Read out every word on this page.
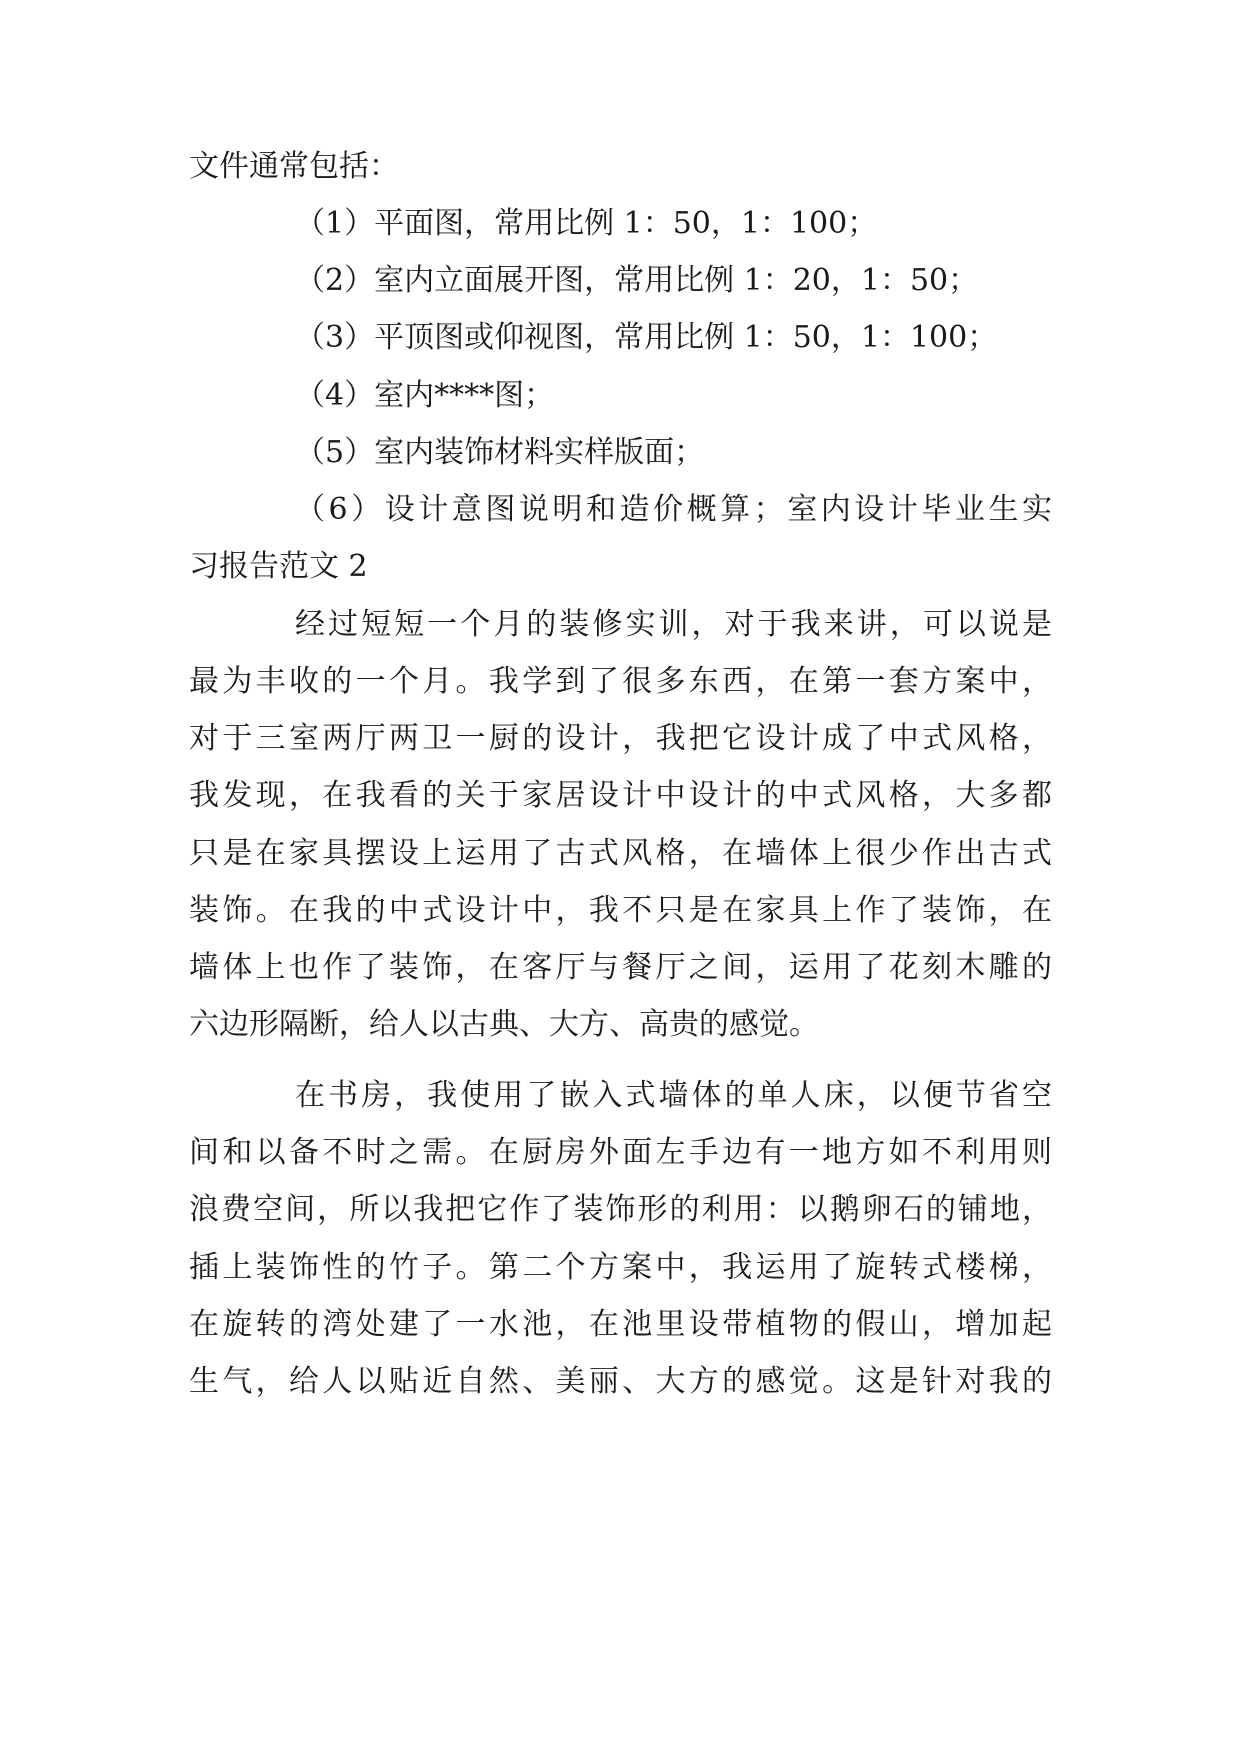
文件通常包括：
（1）平面图，常用比例 1：50，1：100；
（2）室内立面展开图，常用比例 1：20，1：50；
（3）平顶图或仰视图，常用比例 1：50，1：100；
（4）室内****图；
（5）室内装饰材料实样版面；
（6）设计意图说明和造价概算；室内设计毕业生实
习报告范文 2
经过短短一个月的装修实训，对于我来讲，可以说是
最为丰收的一个月。我学到了很多东西，在第一套方案中，
对于三室两厅两卫一厨的设计，我把它设计成了中式风格，
我发现，在我看的关于家居设计中设计的中式风格，大多都
只是在家具摆设上运用了古式风格，在墙体上很少作出古式
装饰。在我的中式设计中，我不只是在家具上作了装饰，在
墙体上也作了装饰，在客厅与餐厅之间，运用了花刻木雕的
六边形隔断，给人以古典、大方、高贵的感觉。
在书房，我使用了嵌入式墙体的单人床，以便节省空
间和以备不时之需。在厨房外面左手边有一地方如不利用则
浪费空间，所以我把它作了装饰形的利用：以鹅卵石的铺地，
插上装饰性的竹子。第二个方案中，我运用了旋转式楼梯，
在旋转的湾处建了一水池，在池里设带植物的假山，增加起
生气，给人以贴近自然、美丽、大方的感觉。这是针对我的
